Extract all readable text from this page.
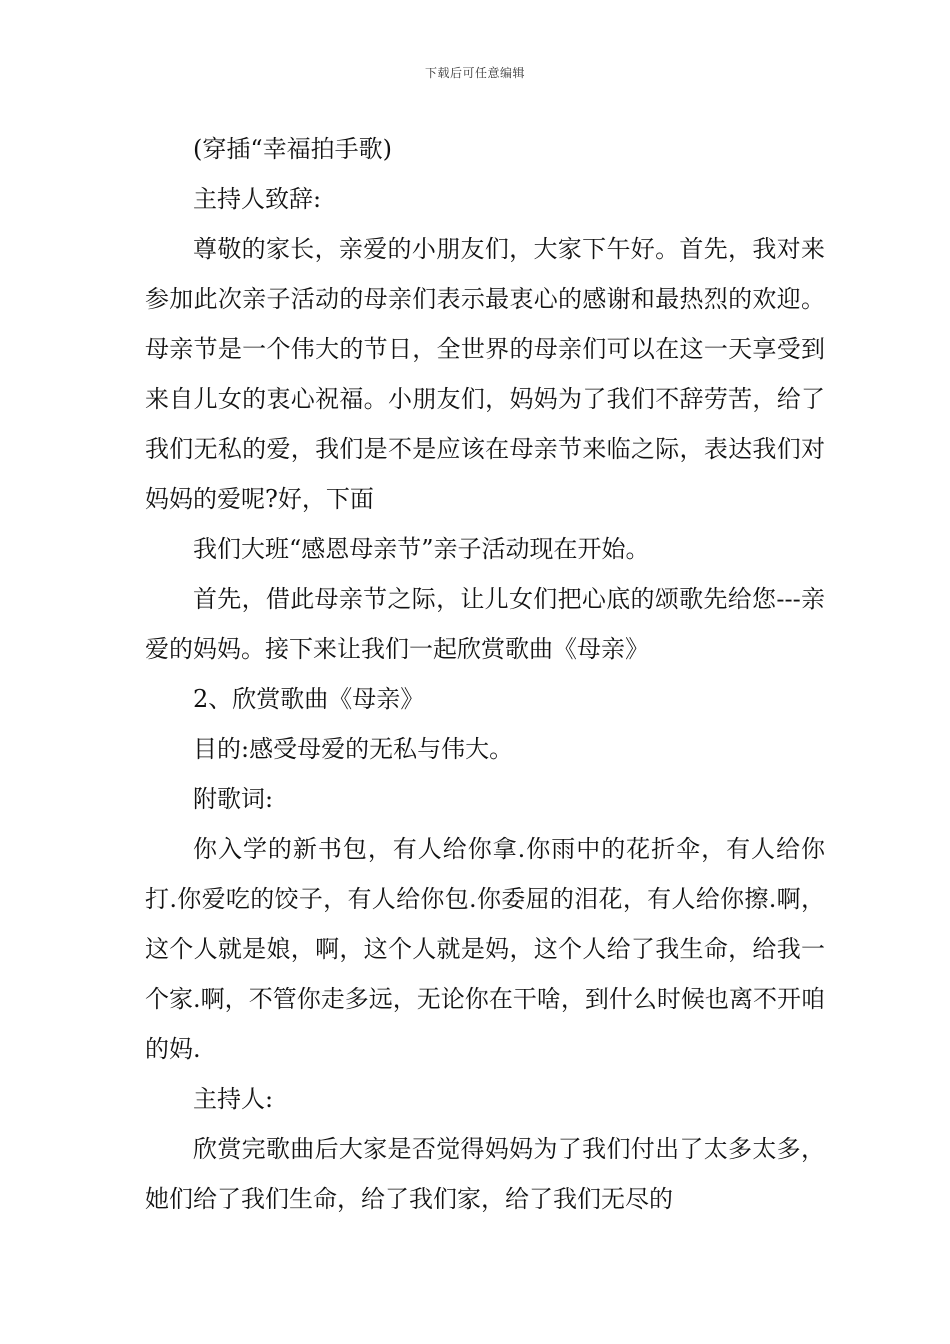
下载后可任意编辑

(穿插“幸福拍手歌)

主持人致辞:

尊敬的家长，亲爱的小朋友们，大家下午好。首先，我对来参加此次亲子活动的母亲们表示最衷心的感谢和最热烈的欢迎。母亲节是一个伟大的节日，全世界的母亲们可以在这一天享受到来自儿女的衷心祝福。小朋友们，妈妈为了我们不辞劳苦，给了我们无私的爱，我们是不是应该在母亲节来临之际，表达我们对妈妈的爱呢?好，下面

我们大班“感恩母亲节”亲子活动现在开始。

首先，借此母亲节之际，让儿女们把心底的颂歌先给您---亲爱的妈妈。接下来让我们一起欣赏歌曲《母亲》

2、欣赏歌曲《母亲》

目的:感受母爱的无私与伟大。

附歌词:

你入学的新书包，有人给你拿.你雨中的花折伞，有人给你打.你爱吃的饺子，有人给你包.你委屈的泪花，有人给你擦.啊，这个人就是娘，啊，这个人就是妈，这个人给了我生命，给我一个家.啊，不管你走多远，无论你在干啥，到什么时候也离不开咱的妈.

主持人:

欣赏完歌曲后大家是否觉得妈妈为了我们付出了太多太多，她们给了我们生命，给了我们家，给了我们无尽的
